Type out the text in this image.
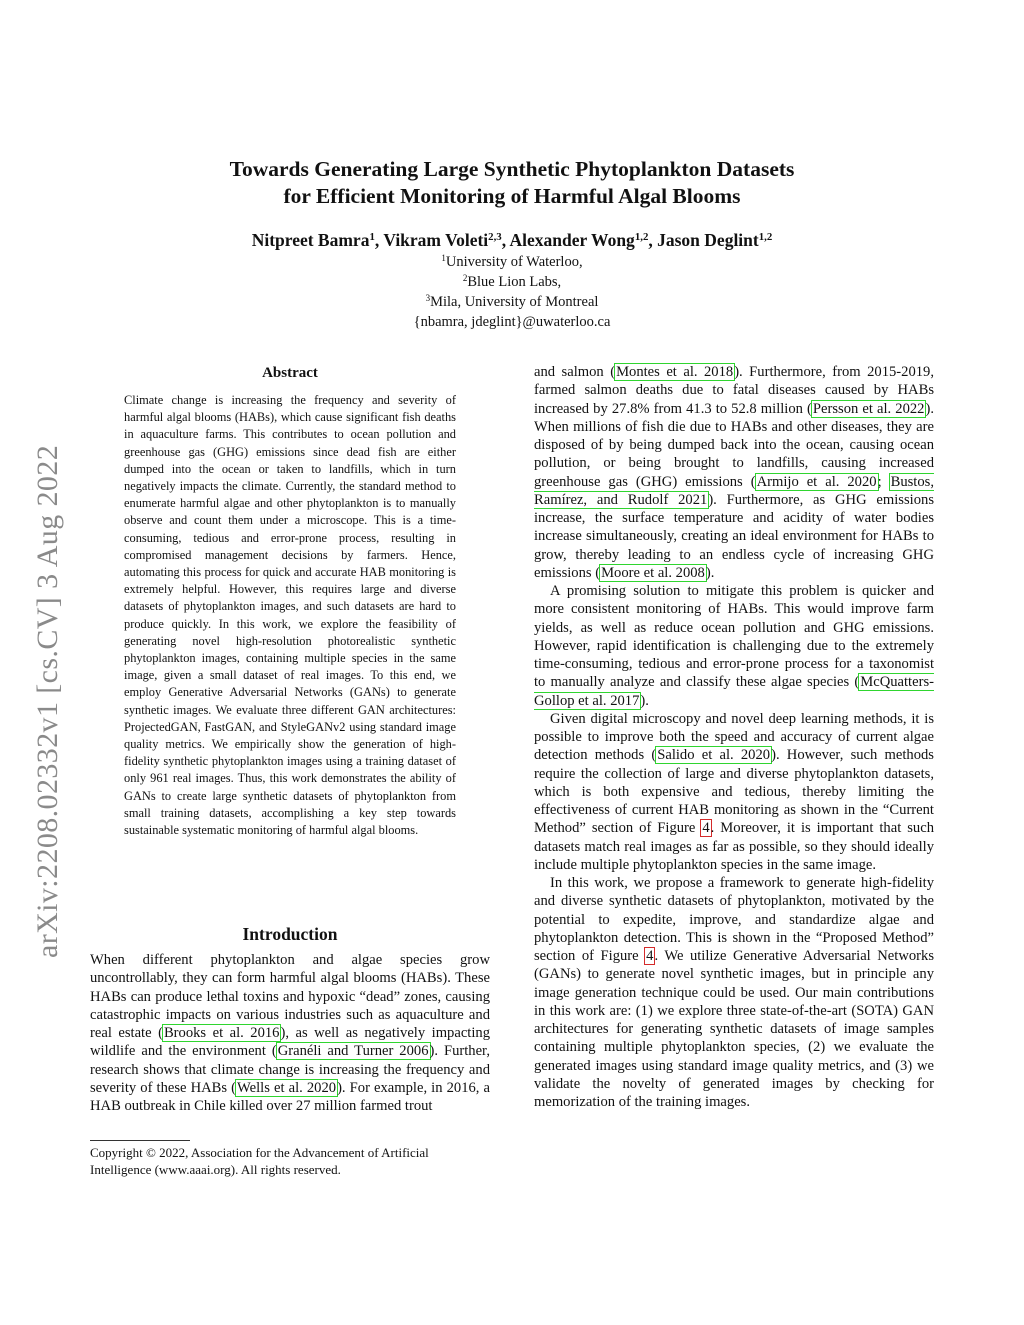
arXiv:2208.02332v1 [cs.CV] 3 Aug 2022
Towards Generating Large Synthetic Phytoplankton Datasets
for Efficient Monitoring of Harmful Algal Blooms
Nitpreet Bamra$^1$, Vikram Voleti$^{2,3}$, Alexander Wong$^{1,2}$, Jason Deglint$^{1,2}$
$^1$University of Waterloo,
$^2$Blue Lion Labs,
$^3$Mila, University of Montreal
{nbamra, jdeglint}@uwaterloo.ca
Abstract
Climate change is increasing the frequency and severity of harmful algal blooms (HABs), which cause significant fish deaths in aquaculture farms. This contributes to ocean pollution and greenhouse gas (GHG) emissions since dead fish are either dumped into the ocean or taken to landfills, which in turn negatively impacts the climate. Currently, the standard method to enumerate harmful algae and other phytoplankton is to manually observe and count them under a microscope. This is a time-consuming, tedious and error-prone process, resulting in compromised management decisions by farmers. Hence, automating this process for quick and accurate HAB monitoring is extremely helpful. However, this requires large and diverse datasets of phytoplankton images, and such datasets are hard to produce quickly. In this work, we explore the feasibility of generating novel high-resolution photorealistic synthetic phytoplankton images, containing multiple species in the same image, given a small dataset of real images. To this end, we employ Generative Adversarial Networks (GANs) to generate synthetic images. We evaluate three different GAN architectures: ProjectedGAN, FastGAN, and StyleGANv2 using standard image quality metrics. We empirically show the generation of high-fidelity synthetic phytoplankton images using a training dataset of only 961 real images. Thus, this work demonstrates the ability of GANs to create large synthetic datasets of phytoplankton from small training datasets, accomplishing a key step towards sustainable systematic monitoring of harmful algal blooms.
Introduction
When different phytoplankton and algae species grow uncontrollably, they can form harmful algal blooms (HABs). These HABs can produce lethal toxins and hypoxic “dead” zones, causing catastrophic impacts on various industries such as aquaculture and real estate (Brooks et al. 2016), as well as negatively impacting wildlife and the environment (Granéli and Turner 2006). Further, research shows that climate change is increasing the frequency and severity of these HABs (Wells et al. 2020). For example, in 2016, a HAB outbreak in Chile killed over 27 million farmed trout
Copyright © 2022, Association for the Advancement of Artificial Intelligence (www.aaai.org). All rights reserved.

and salmon (Montes et al. 2018). Furthermore, from 2015-2019, farmed salmon deaths due to fatal diseases caused by HABs increased by 27.8% from 41.3 to 52.8 million (Persson et al. 2022). When millions of fish die due to HABs and other diseases, they are disposed of by being dumped back into the ocean, causing ocean pollution, or being brought to landfills, causing increased greenhouse gas (GHG) emissions (Armijo et al. 2020; Bustos, Ramírez, and Rudolf 2021). Furthermore, as GHG emissions increase, the surface temperature and acidity of water bodies increase simultaneously, creating an ideal environment for HABs to grow, thereby leading to an endless cycle of increasing GHG emissions (Moore et al. 2008).

A promising solution to mitigate this problem is quicker and more consistent monitoring of HABs. This would improve farm yields, as well as reduce ocean pollution and GHG emissions. However, rapid identification is challenging due to the extremely time-consuming, tedious and error-prone process for a taxonomist to manually analyze and classify these algae species (McQuatters-Gollop et al. 2017).

Given digital microscopy and novel deep learning methods, it is possible to improve both the speed and accuracy of current algae detection methods (Salido et al. 2020). However, such methods require the collection of large and diverse phytoplankton datasets, which is both expensive and tedious, thereby limiting the effectiveness of current HAB monitoring as shown in the “Current Method” section of Figure 4. Moreover, it is important that such datasets match real images as far as possible, so they should ideally include multiple phytoplankton species in the same image.

In this work, we propose a framework to generate high-fidelity and diverse synthetic datasets of phytoplankton, motivated by the potential to expedite, improve, and standardize algae and phytoplankton detection. This is shown in the “Proposed Method” section of Figure 4. We utilize Generative Adversarial Networks (GANs) to generate novel synthetic images, but in principle any image generation technique could be used. Our main contributions in this work are: (1) we explore three state-of-the-art (SOTA) GAN architectures for generating synthetic datasets of image samples containing multiple phytoplankton species, (2) we evaluate the generated images using standard image quality metrics, and (3) we validate the novelty of generated images by checking for memorization of the training images.
